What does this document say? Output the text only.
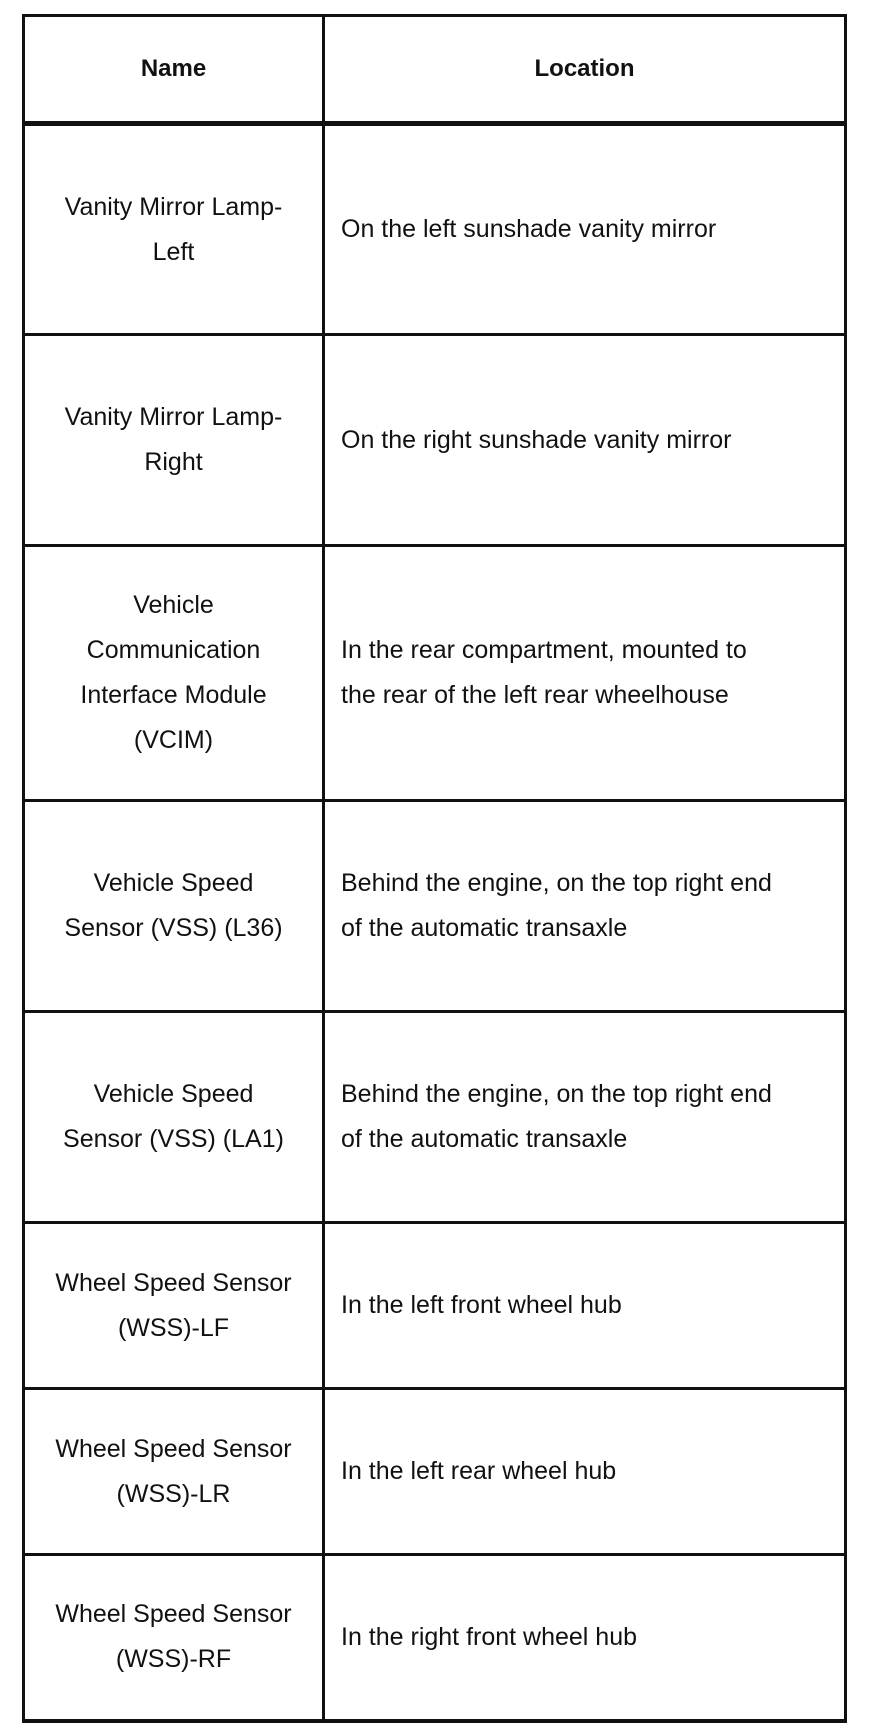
Name	Location

Vanity Mirror Lamp-Left	On the left sunshade vanity mirror

Vanity Mirror Lamp-Right	On the right sunshade vanity mirror

Vehicle Communication Interface Module (VCIM)	In the rear compartment, mounted to the rear of the left rear wheelhouse

Vehicle Speed Sensor (VSS) (L36)	Behind the engine, on the top right end of the automatic transaxle

Vehicle Speed Sensor (VSS) (LA1)	Behind the engine, on the top right end of the automatic transaxle

Wheel Speed Sensor (WSS)-LF	In the left front wheel hub

Wheel Speed Sensor (WSS)-LR	In the left rear wheel hub

Wheel Speed Sensor (WSS)-RF	In the right front wheel hub
